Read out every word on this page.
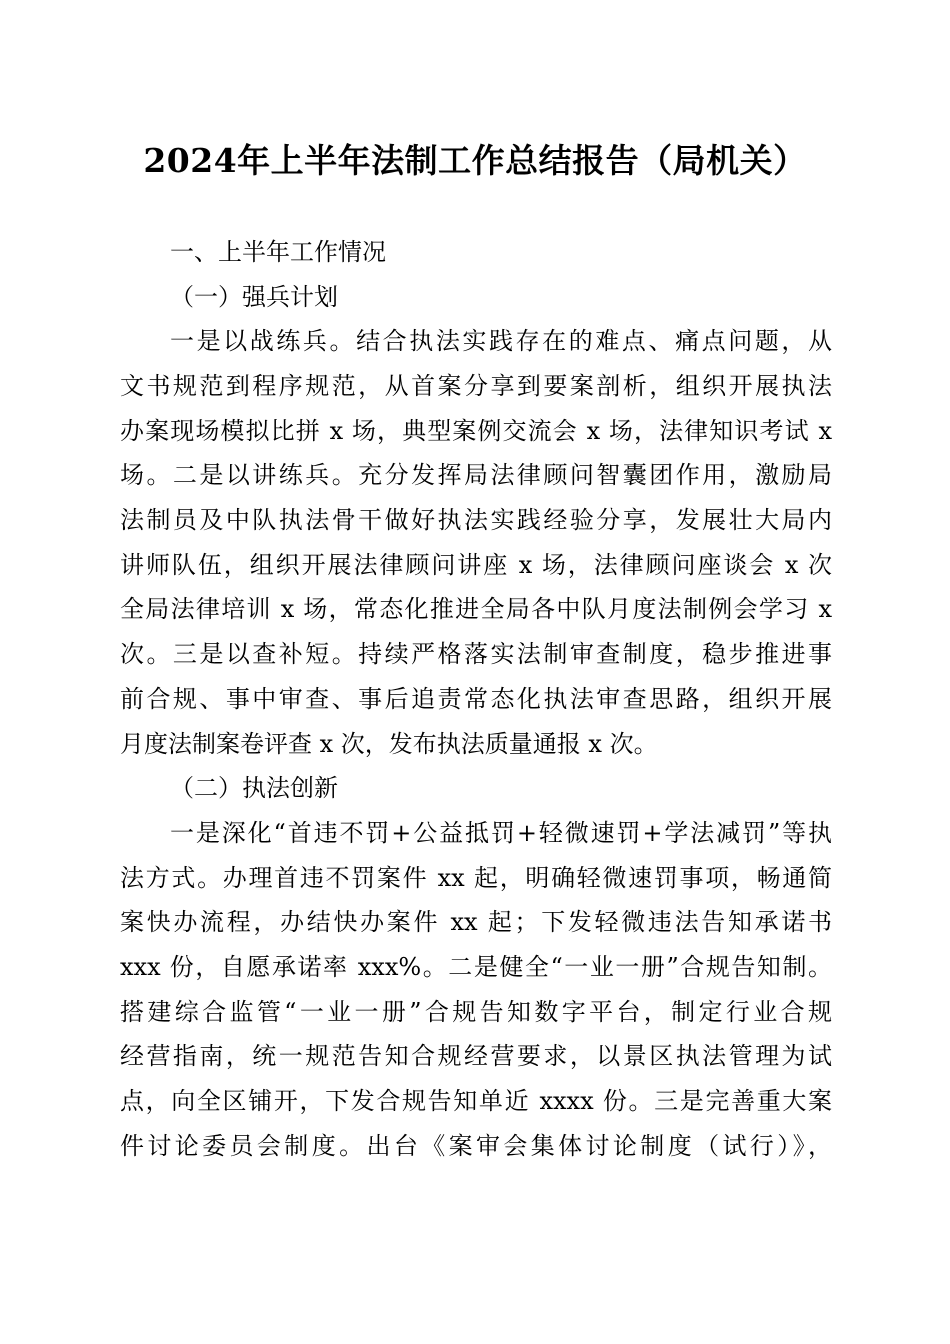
2024年上半年法制工作总结报告（局机关）
一、上半年工作情况
（一）强兵计划
一是以战练兵。结合执法实践存在的难点、痛点问题，从
文书规范到程序规范，从首案分享到要案剖析，组织开展执法
办案现场模拟比拼 x 场，典型案例交流会 x 场，法律知识考试 x
场。二是以讲练兵。充分发挥局法律顾问智囊团作用，激励局
法制员及中队执法骨干做好执法实践经验分享，发展壮大局内
讲师队伍，组织开展法律顾问讲座 x 场，法律顾问座谈会 x 次
全局法律培训 x 场，常态化推进全局各中队月度法制例会学习 x
次。三是以查补短。持续严格落实法制审查制度，稳步推进事
前合规、事中审查、事后追责常态化执法审查思路，组织开展
月度法制案卷评查 x 次，发布执法质量通报 x 次。
（二）执法创新
一是深化“首违不罚+公益抵罚+轻微速罚+学法减罚”等执
法方式。办理首违不罚案件 xx 起，明确轻微速罚事项，畅通简
案快办流程，办结快办案件 xx 起；下发轻微违法告知承诺书
xxx 份，自愿承诺率 xxx%。二是健全“一业一册”合规告知制。
搭建综合监管“一业一册”合规告知数字平台，制定行业合规
经营指南，统一规范告知合规经营要求，以景区执法管理为试
点，向全区铺开，下发合规告知单近 xxxx 份。三是完善重大案
件讨论委员会制度。出台《案审会集体讨论制度（试行）》，
